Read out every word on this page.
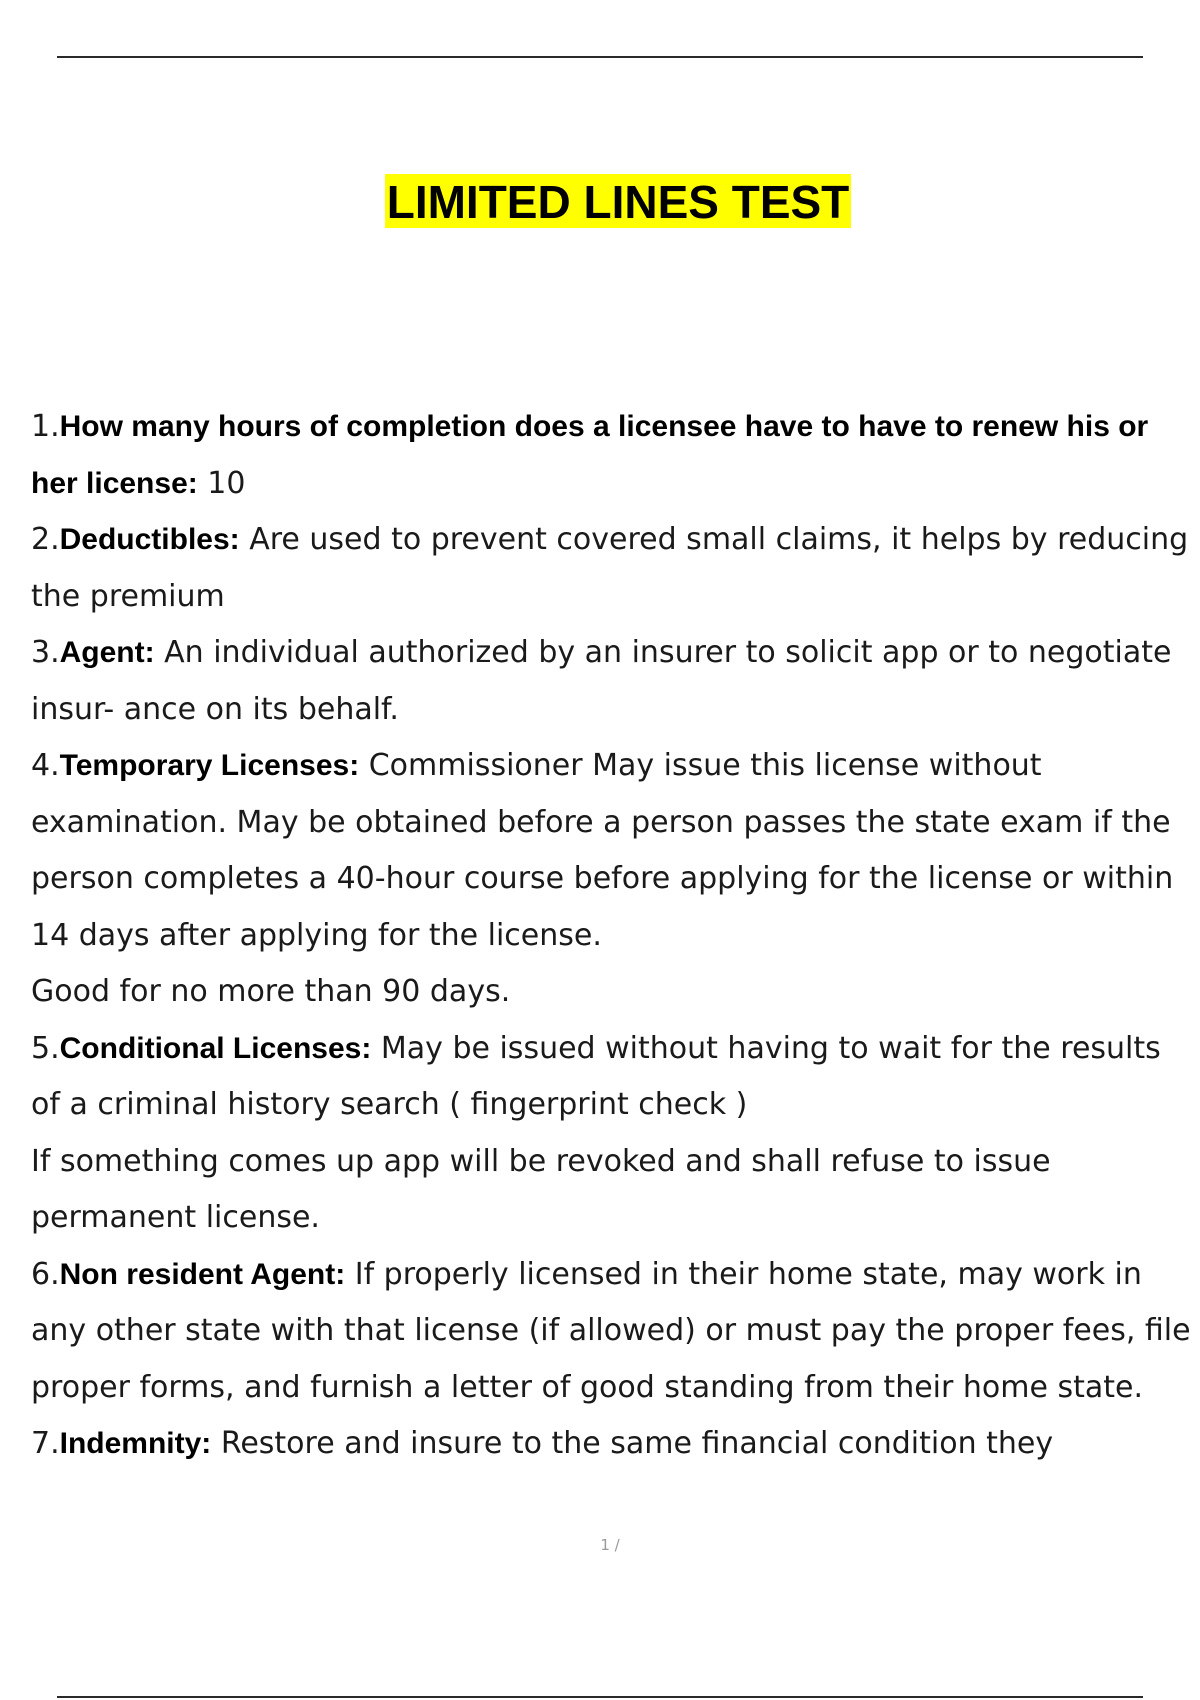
LIMITED LINES TEST

1.How many hours of completion does a licensee have to have to renew his or her license: 10

2.Deductibles: Are used to prevent covered small claims, it helps by reducing the premium

3.Agent: An individual authorized by an insurer to solicit app or to negotiate insur- ance on its behalf.

4.Temporary Licenses: Commissioner May issue this license without examination. May be obtained before a person passes the state exam if the person completes a 40-hour course before applying for the license or within 14 days after applying for the license.

Good for no more than 90 days.

5.Conditional Licenses: May be issued without having to wait for the results of a criminal history search ( fingerprint check )

If something comes up app will be revoked and shall refuse to issue permanent license.

6.Non resident Agent: If properly licensed in their home state, may work in any other state with that license (if allowed) or must pay the proper fees, file proper forms, and furnish a letter of good standing from their home state.

7.Indemnity: Restore and insure to the same financial condition they

1 /
